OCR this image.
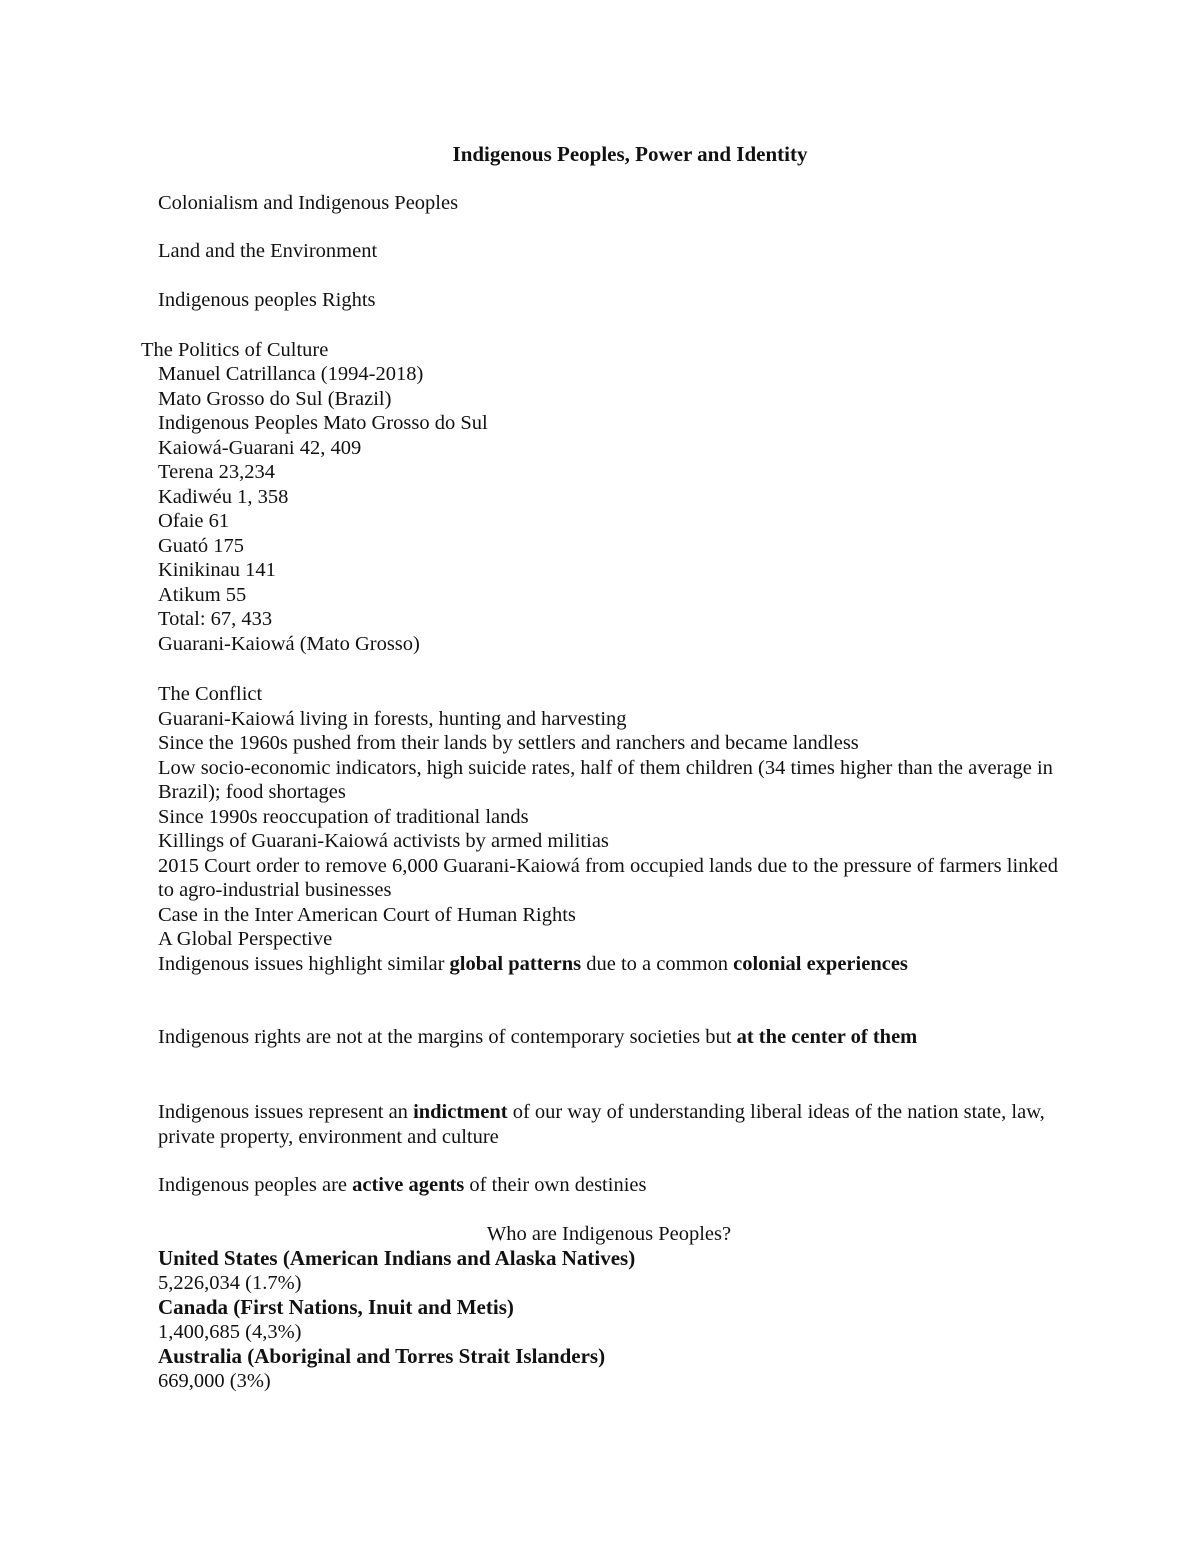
Indigenous Peoples, Power and Identity

Colonialism and Indigenous Peoples

Land and the Environment

Indigenous peoples Rights

The Politics of Culture

Manuel Catrillanca (1994-2018)
Mato Grosso do Sul (Brazil)
Indigenous Peoples Mato Grosso do Sul
Kaiowá-Guarani 42, 409
Terena 23,234
Kadiwéu 1, 358
Ofaie 61
Guató 175
Kinikinau 141
Atikum 55
Total: 67, 433
Guarani-Kaiowá (Mato Grosso)
The Conflict
Guarani-Kaiowá living in forests, hunting and harvesting
Since the 1960s pushed from their lands by settlers and ranchers and became landless
Low socio-economic indicators, high suicide rates, half of them children (34 times higher than the average in Brazil); food shortages
Since 1990s reoccupation of traditional lands
Killings of Guarani-Kaiowá activists by armed militias
2015 Court order to remove 6,000 Guarani-Kaiowá from occupied lands due to the pressure of farmers linked to agro-industrial businesses
Case in the Inter American Court of Human Rights
A Global Perspective
Indigenous issues highlight similar global patterns due to a common colonial experiences
Indigenous rights are not at the margins of contemporary societies but at the center of them
Indigenous issues represent an indictment of our way of understanding liberal ideas of the nation state, law, private property, environment and culture
Indigenous peoples are active agents of their own destinies

Who are Indigenous Peoples?

United States (American Indians and Alaska Natives)
5,226,034 (1.7%)
Canada (First Nations, Inuit and Metis)
1,400,685 (4,3%)
Australia (Aboriginal and Torres Strait Islanders)
669,000 (3%)
